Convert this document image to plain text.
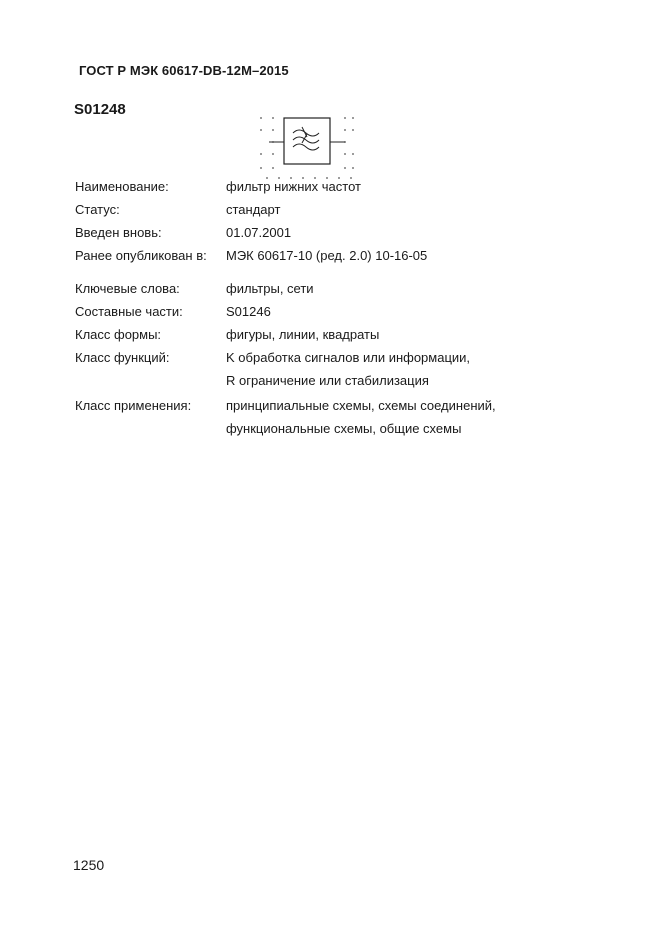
ГОСТ Р МЭК 60617-DB-12M–2015
S01248
Наименование:	фильтр нижних частот
Статус:	стандарт
Введен вновь:	01.07.2001
Ранее опубликован в: МЭК 60617-10 (ред. 2.0) 10-16-05
Ключевые слова:	фильтры, сети
Составные части:	S01246
Класс формы:	фигуры, линии, квадраты
Класс функций:	K обработка сигналов или информации,
R ограничение или стабилизация
Класс применения:	принципиальные схемы, схемы соединений,
функциональные схемы, общие схемы
1250
